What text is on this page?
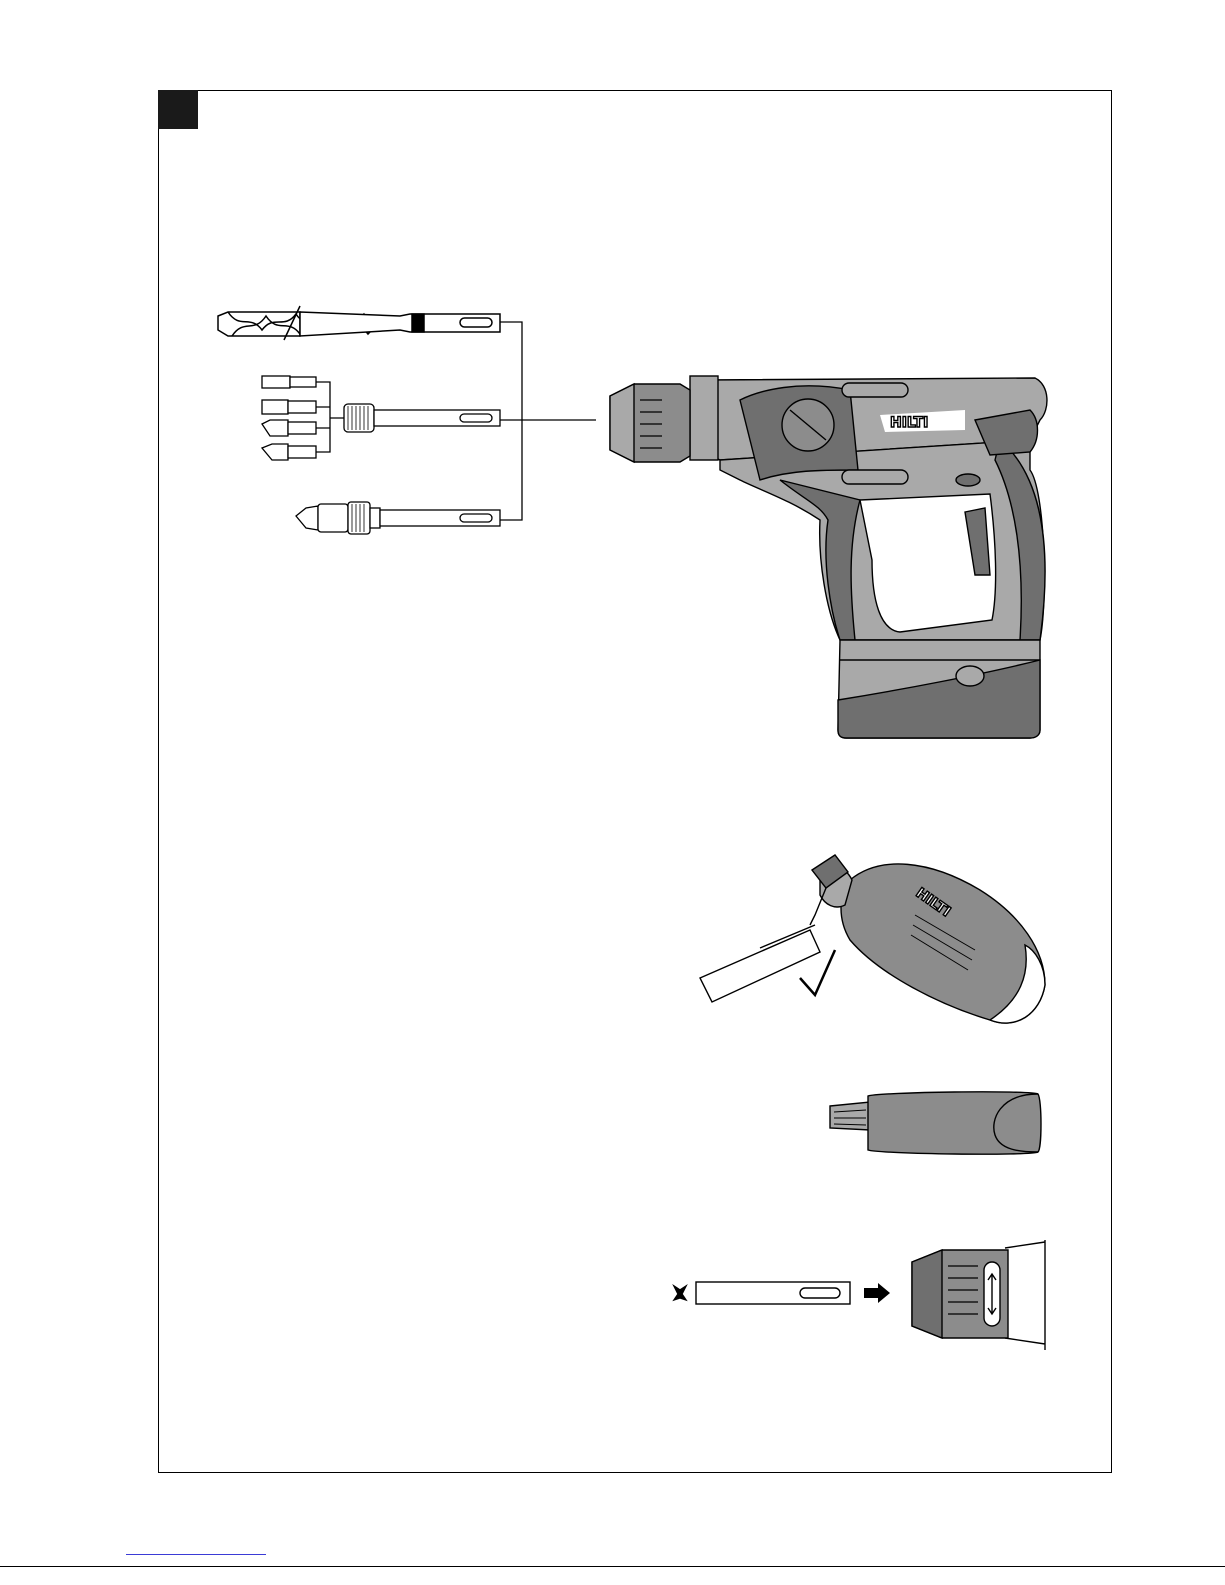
HILTI
HILTI
